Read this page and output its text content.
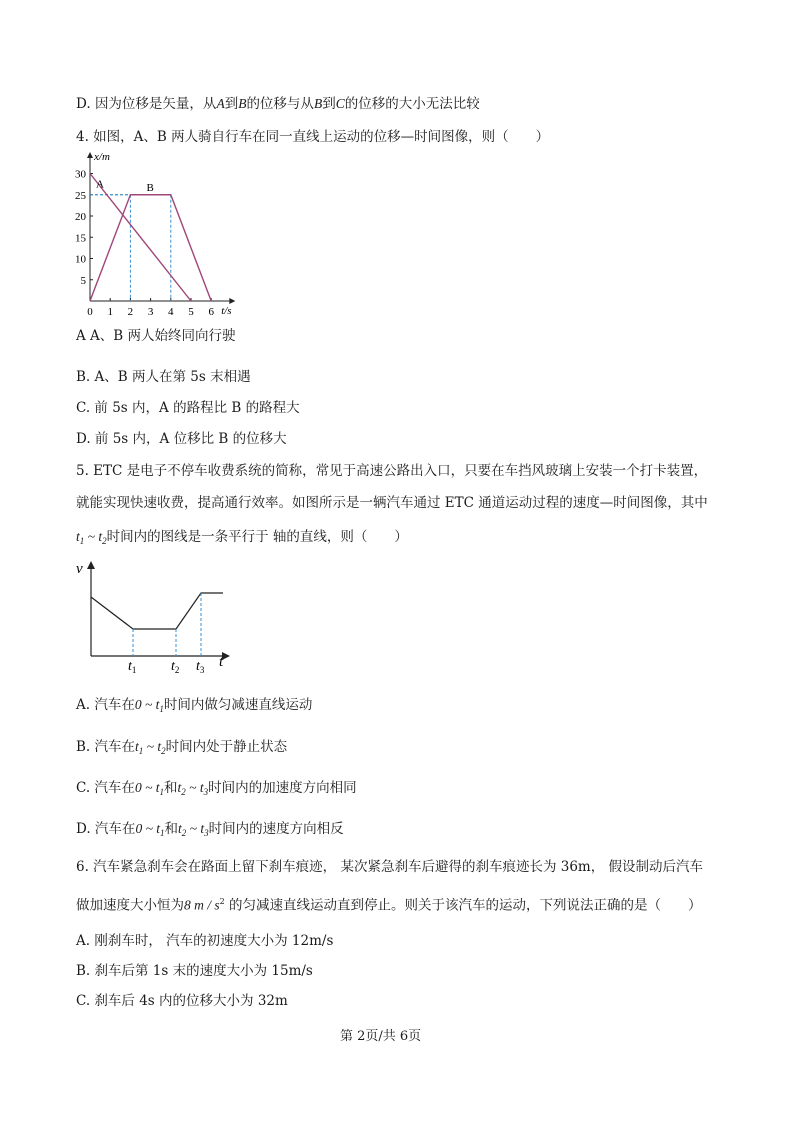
D. 因为位移是矢量，从A到B的位移与从B到C的位移的大小无法比较
4. 如图，A、B 两人骑自行车在同一直线上运动的位移—时间图像，则（　　）
x/m
t/s
0 1 2 3 4 5 6
5
10
15
20
25
30
A	B
A A、B 两人始终同向行驶
B. A、B 两人在第 5s 末相遇
C. 前 5s 内，A 的路程比 B 的路程大
D. 前 5s 内，A 位移比 B 的位移大
5. ETC 是电子不停车收费系统的简称，常见于高速公路出入口，只要在车挡风玻璃上安装一个打卡装置，
就能实现快速收费，提高通行效率。如图所示是一辆汽车通过 ETC 通道运动过程的速度—时间图像，其中
$t_1$ ~ $t_2$时间内的图线是一条平行于 轴的直线，则（　　）
v
t
$t_1$ $t_2$ $t_3$
A. 汽车在0 ~ $t_1$时间内做匀减速直线运动
B. 汽车在$t_1$ ~ $t_2$时间内处于静止状态
C. 汽车在0 ~ $t_1$和$t_2$ ~ $t_3$时间内的加速度方向相同
D. 汽车在0 ~ $t_1$和$t_2$ ~ $t_3$时间内的速度方向相反
6. 汽车紧急刹车会在路面上留下刹车痕迹， 某次紧急刹车后避得的刹车痕迹长为 36m， 假设制动后汽车
做加速度大小恒为8 m / $s^2$ 的匀减速直线运动直到停止。则关于该汽车的运动，下列说法正确的是（　　）
A. 刚刹车时， 汽车的初速度大小为 12m/s
B. 刹车后第 1s 末的速度大小为 15m/s
C. 刹车后 4s 内的位移大小为 32m
第 2页/共 6页
